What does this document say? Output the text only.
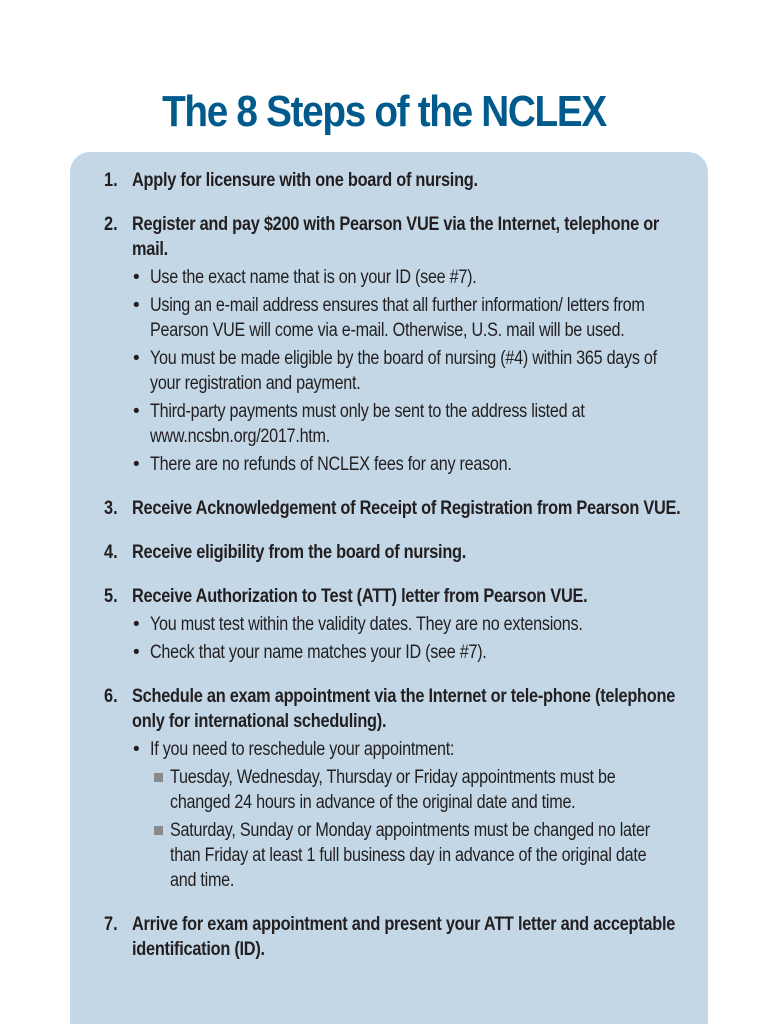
The 8 Steps of the NCLEX
1. Apply for licensure with one board of nursing.

2. Register and pay $200 with Pearson VUE via the Internet, telephone or mail.

• Use the exact name that is on your ID (see #7).

• Using an e-mail address ensures that all further information/ letters from Pearson VUE will come via e-mail. Otherwise, U.S. mail will be used.

• You must be made eligible by the board of nursing (#4) within 365 days of your registration and payment.

• Third-party payments must only be sent to the address listed at www.ncsbn.org/2017.htm.

• There are no refunds of NCLEX fees for any reason.

3. Receive Acknowledgement of Receipt of Registration from Pearson VUE.

4. Receive eligibility from the board of nursing.

5. Receive Authorization to Test (ATT) letter from Pearson VUE.

• You must test within the validity dates. They are no extensions.

• Check that your name matches your ID (see #7).

6. Schedule an exam appointment via the Internet or tele-phone (telephone only for international scheduling).

• If you need to reschedule your appointment:

Tuesday, Wednesday, Thursday or Friday appointments must be changed 24 hours in advance of the original date and time.

Saturday, Sunday or Monday appointments must be changed no later than Friday at least 1 full business day in advance of the original date and time.

7. Arrive for exam appointment and present your ATT letter and acceptable identification (ID).
